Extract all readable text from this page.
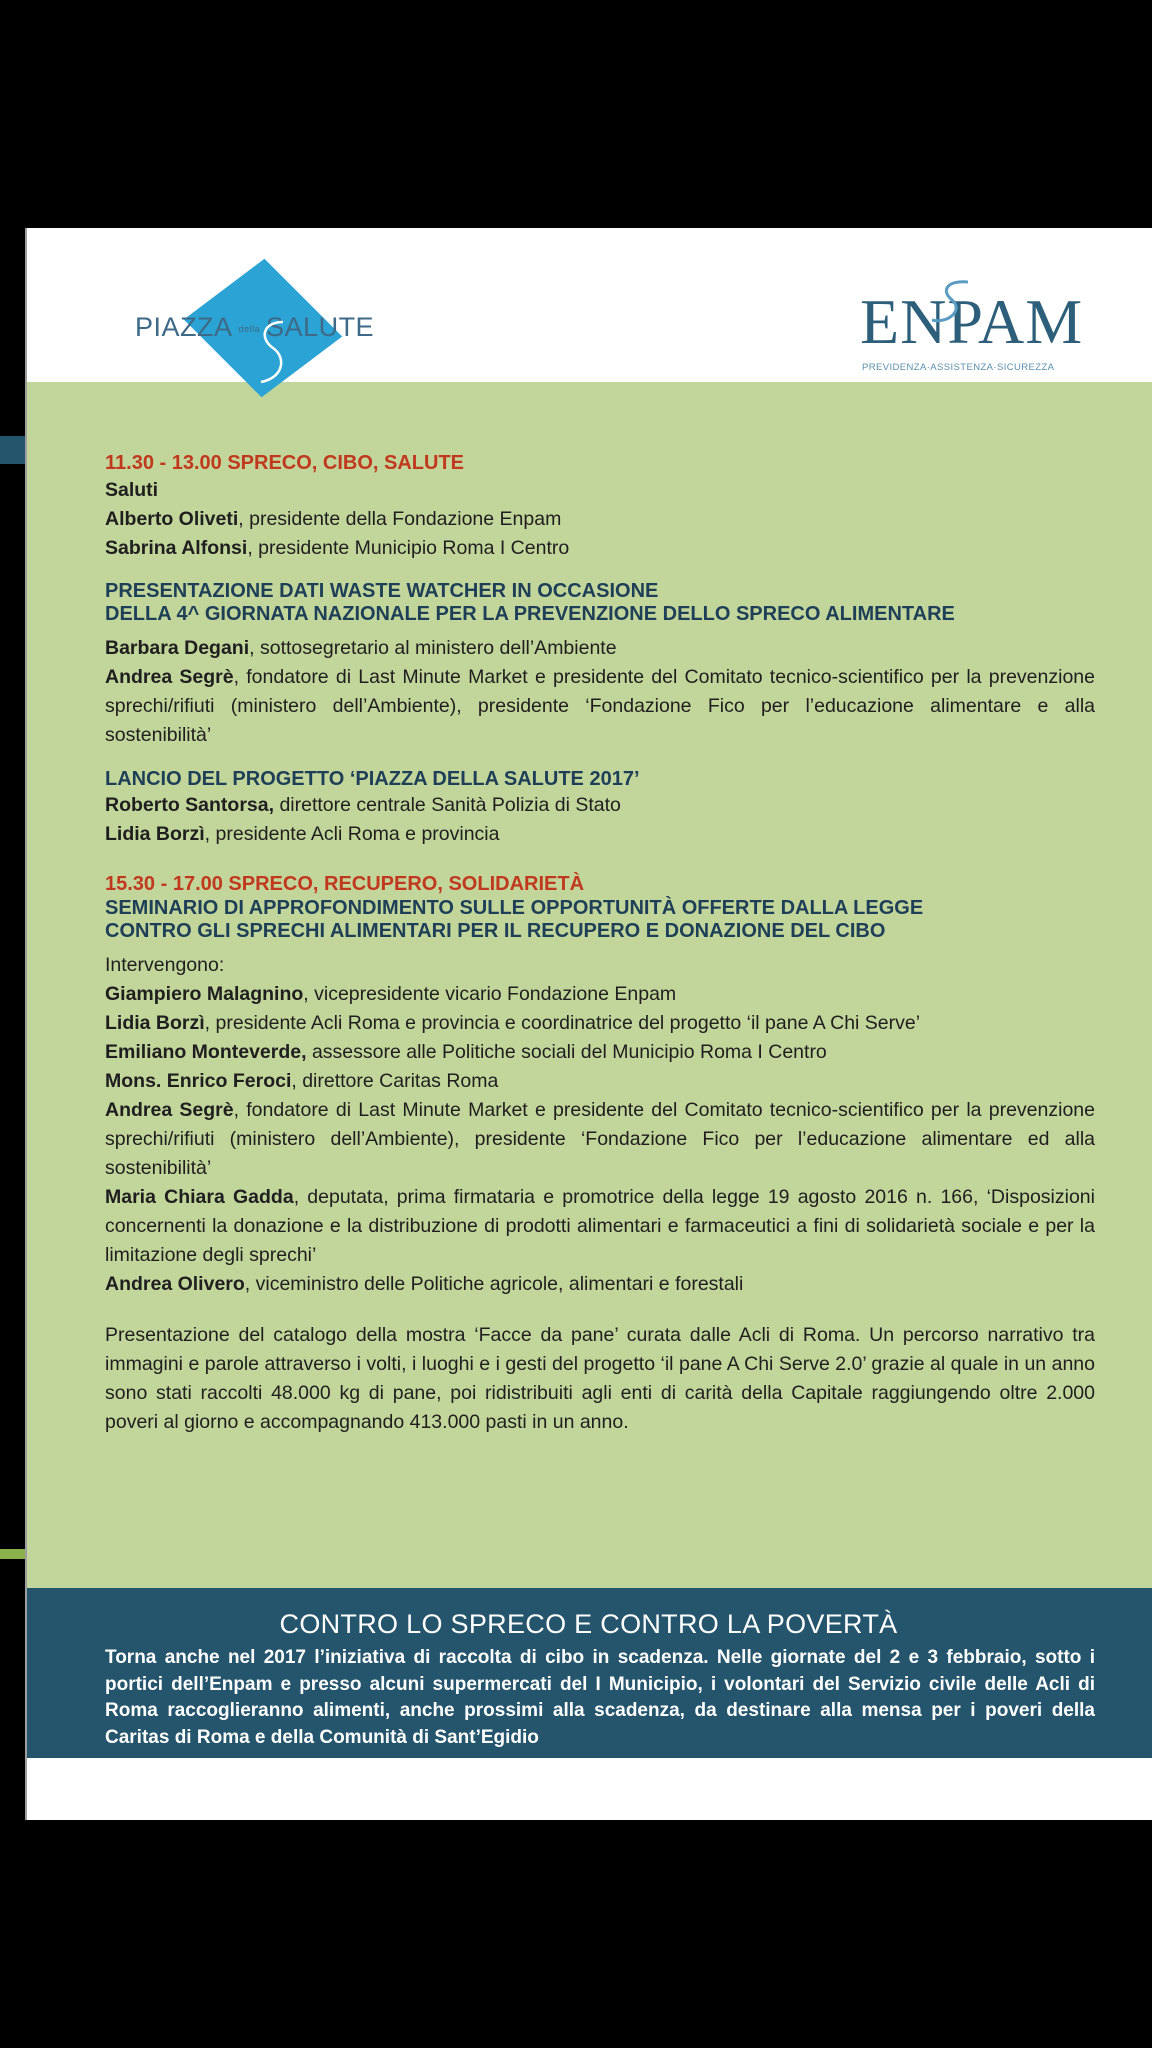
ENPAM
PREVIDENZA·ASSISTENZA·SICUREZZA
PIAZZA della SALUTE

11.30 - 13.00 SPRECO, CIBO, SALUTE

Saluti

Alberto Oliveti, presidente della Fondazione Enpam

Sabrina Alfonsi, presidente Municipio Roma I Centro

PRESENTAZIONE DATI WASTE WATCHER IN OCCASIONE

DELLA 4^ GIORNATA NAZIONALE PER LA PREVENZIONE DELLO SPRECO ALIMENTARE

Barbara Degani, sottosegretario al ministero dell’Ambiente

Andrea Segrè, fondatore di Last Minute Market e presidente del Comitato tecnico-scientifico per la prevenzione sprechi/rifiuti (ministero dell’Ambiente), presidente ‘Fondazione Fico per l’educazione alimentare e alla sostenibilità’

LANCIO DEL PROGETTO ‘PIAZZA DELLA SALUTE 2017’

Roberto Santorsa, direttore centrale Sanità Polizia di Stato

Lidia Borzì, presidente Acli Roma e provincia

15.30 - 17.00 SPRECO, RECUPERO, SOLIDARIETÀ

SEMINARIO DI APPROFONDIMENTO SULLE OPPORTUNITÀ OFFERTE DALLA LEGGE

CONTRO GLI SPRECHI ALIMENTARI PER IL RECUPERO E DONAZIONE DEL CIBO

Intervengono:

Giampiero Malagnino, vicepresidente vicario Fondazione Enpam

Lidia Borzì, presidente Acli Roma e provincia e coordinatrice del progetto ‘il pane A Chi Serve’

Emiliano Monteverde, assessore alle Politiche sociali del Municipio Roma I Centro

Mons. Enrico Feroci, direttore Caritas Roma

Andrea Segrè, fondatore di Last Minute Market e presidente del Comitato tecnico-scientifico per la prevenzione sprechi/rifiuti (ministero dell’Ambiente), presidente ‘Fondazione Fico per l’educazione alimentare ed alla sostenibilità’

Maria Chiara Gadda, deputata, prima firmataria e promotrice della legge 19 agosto 2016 n. 166, ‘Disposizioni concernenti la donazione e la distribuzione di prodotti alimentari e farmaceutici a fini di solidarietà sociale e per la limitazione degli sprechi’

Andrea Olivero, viceministro delle Politiche agricole, alimentari e forestali

Presentazione del catalogo della mostra ‘Facce da pane’ curata dalle Acli di Roma. Un percorso narrativo tra immagini e parole attraverso i volti, i luoghi e i gesti del progetto ‘il pane A Chi Serve 2.0’ grazie al quale in un anno sono stati raccolti 48.000 kg di pane, poi ridistribuiti agli enti di carità della Capitale raggiungendo oltre 2.000 poveri al giorno e accompagnando 413.000 pasti in un anno.

CONTRO LO SPRECO E CONTRO LA POVERTÀ
Torna anche nel 2017 l’iniziativa di raccolta di cibo in scadenza. Nelle giornate del 2 e 3 febbraio, sotto i portici dell’Enpam e presso alcuni supermercati del I Municipio, i volontari del Servizio civile delle Acli di Roma raccoglieranno alimenti, anche prossimi alla scadenza, da destinare alla mensa per i poveri della Caritas di Roma e della Comunità di Sant’Egidio
